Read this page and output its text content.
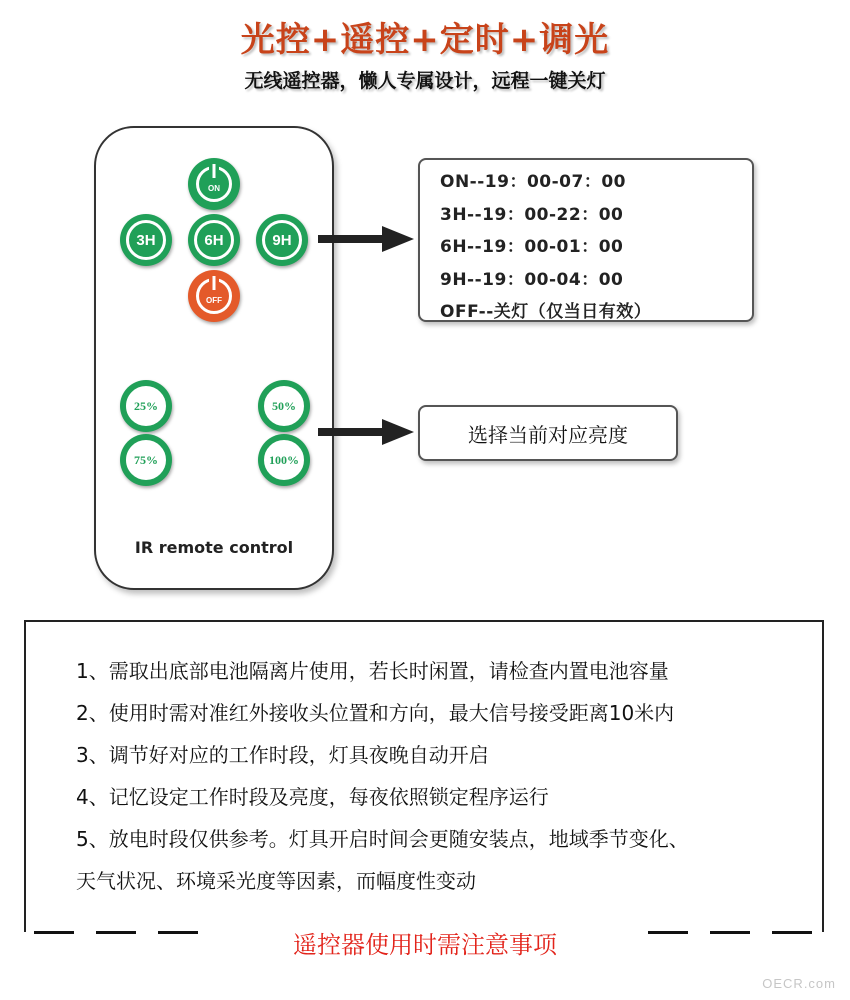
光控+遥控+定时+调光
无线遥控器，懒人专属设计，远程一键关灯
ON
3H	6H	9H
OFF
25%	50%
75%	100%
IR remote control
ON--19：00-07：00
3H--19：00-22：00
6H--19：00-01：00
9H--19：00-04：00
OFF--关灯（仅当日有效）
选择当前对应亮度
1、需取出底部电池隔离片使用，若长时闲置，请检查内置电池容量
2、使用时需对准红外接收头位置和方向，最大信号接受距离10米内
3、调节好对应的工作时段，灯具夜晚自动开启
4、记忆设定工作时段及亮度，每夜依照锁定程序运行
5、放电时段仅供参考。灯具开启时间会更随安装点，地域季节变化、
天气状况、环境采光度等因素，而幅度性变动
遥控器使用时需注意事项
OECR.com
